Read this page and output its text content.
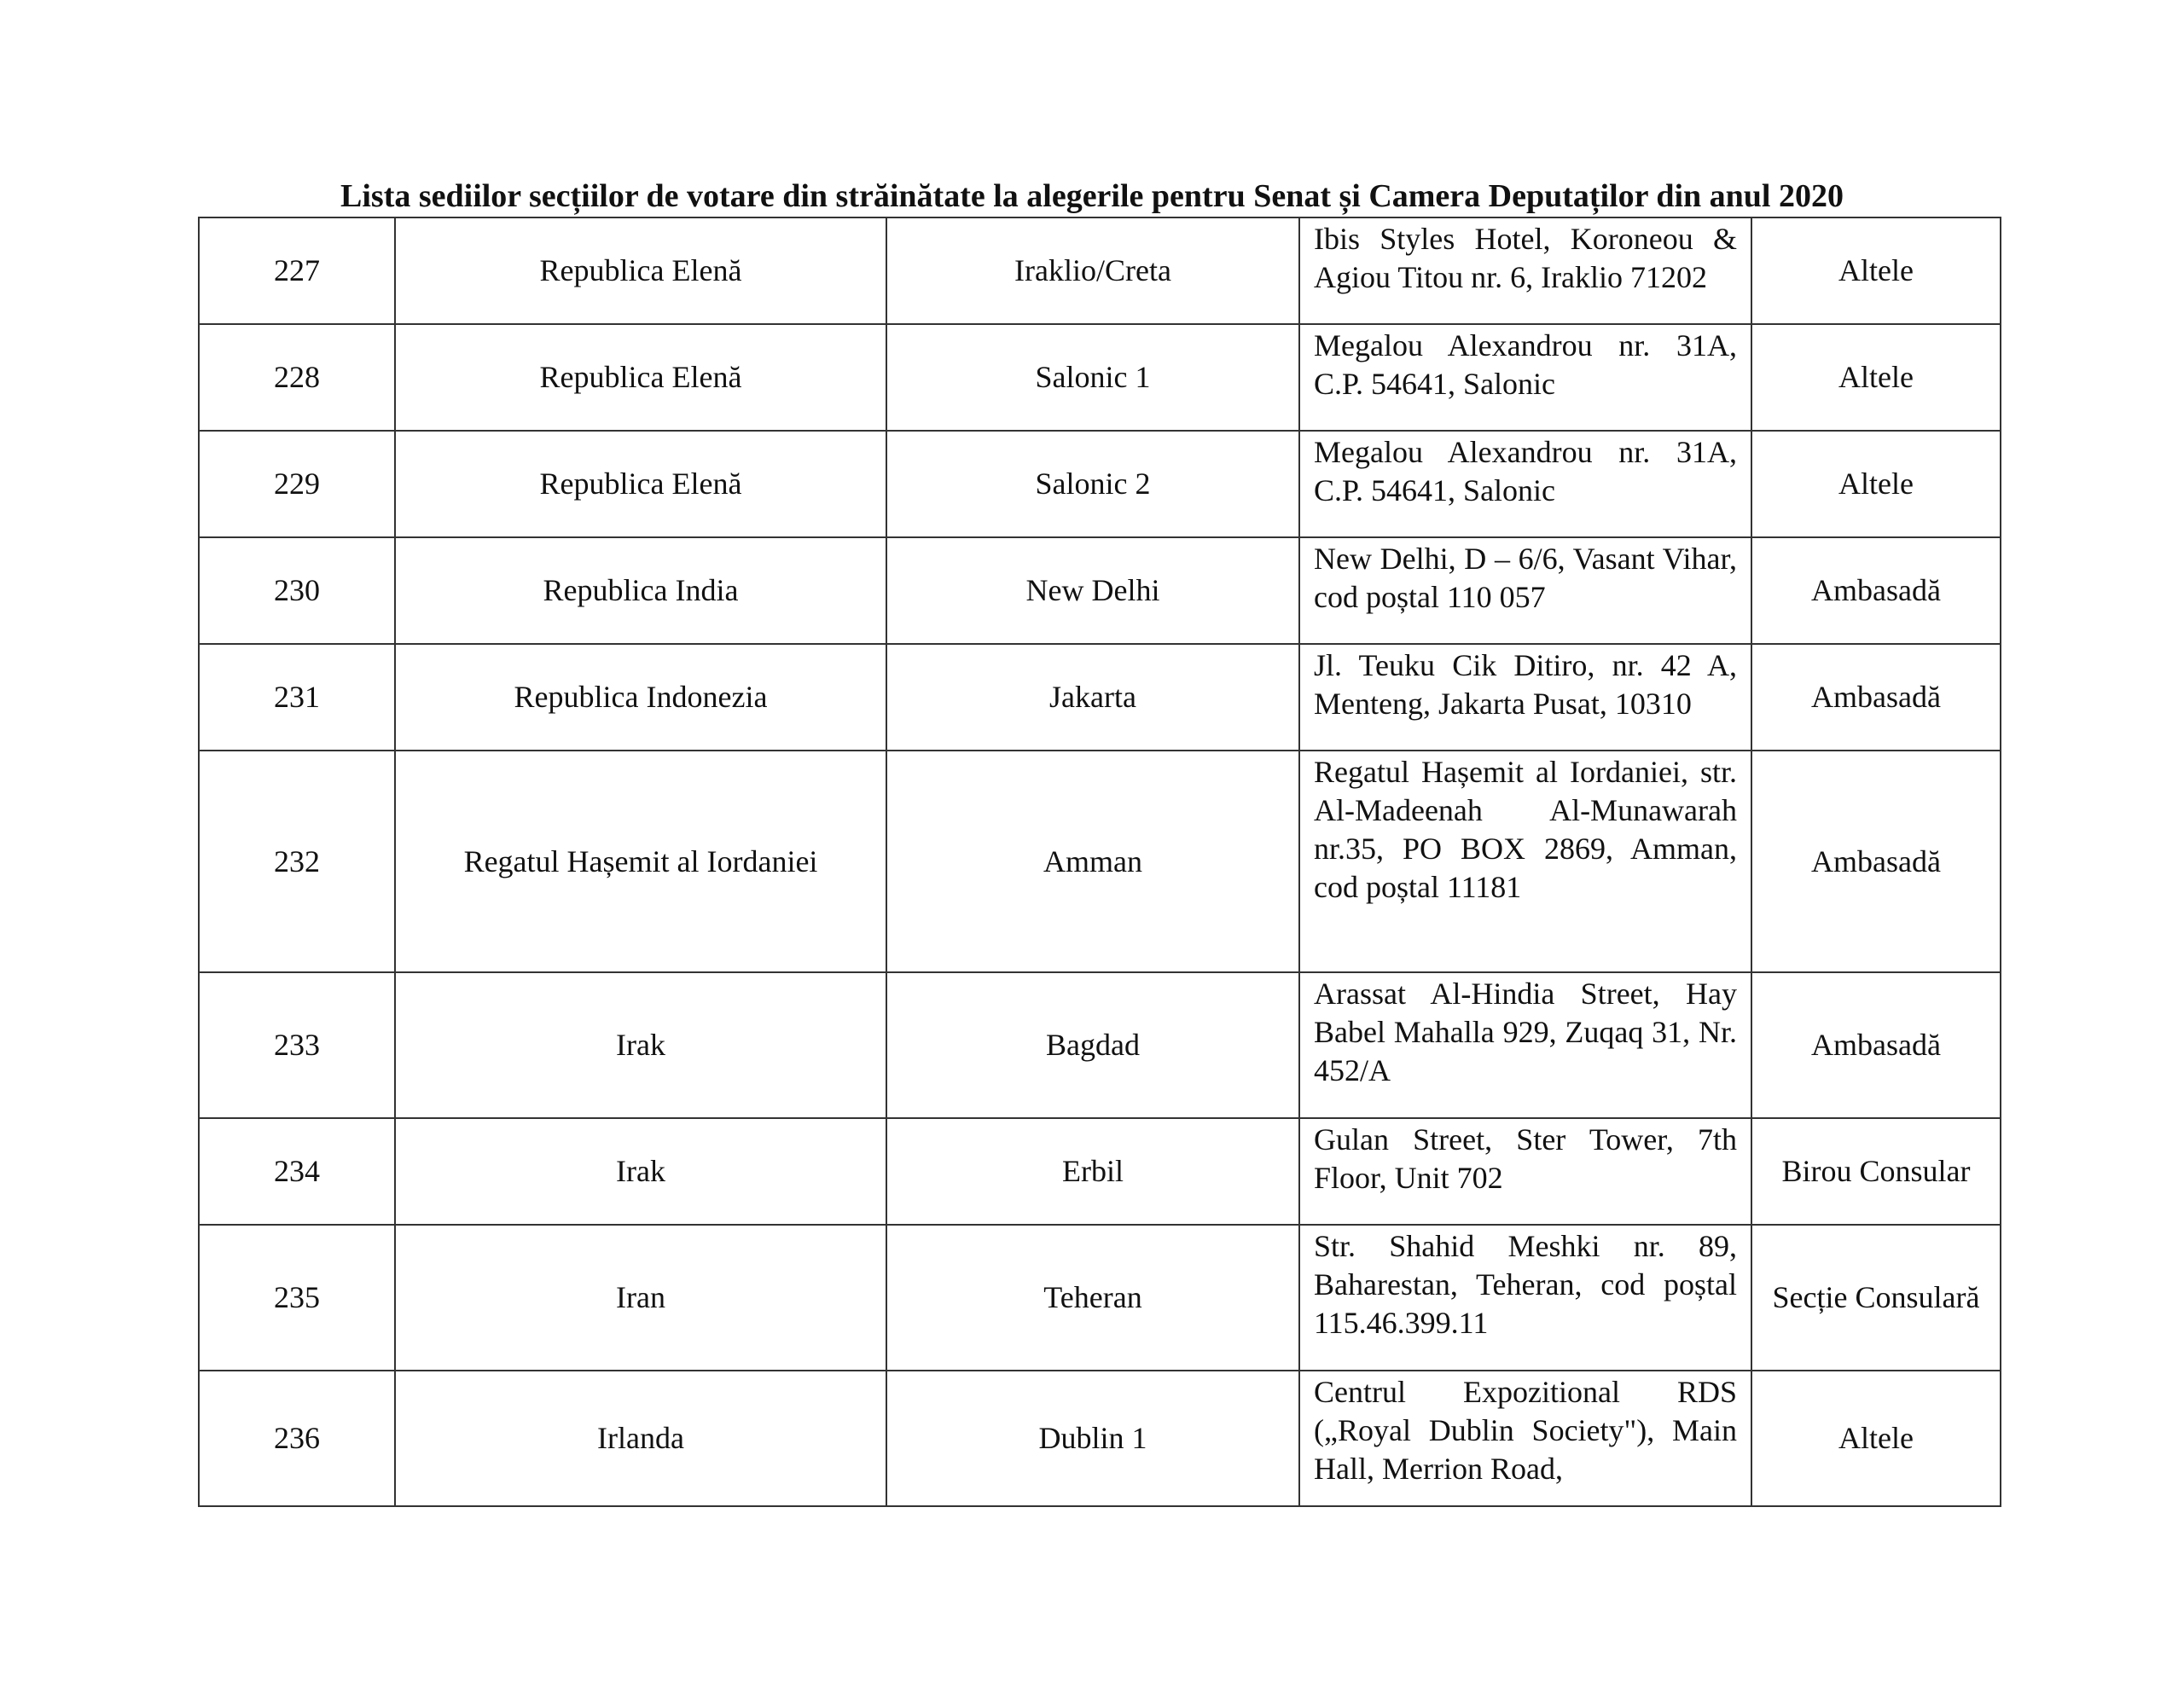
Lista sediilor secțiilor de votare din străinătate la alegerile pentru Senat și Camera Deputaților din anul 2020
227	Republica Elenă	Iraklio/Creta	Ibis Styles Hotel, Koroneou & Agiou Titou nr. 6, Iraklio 71202	Altele
228	Republica Elenă	Salonic 1	Megalou Alexandrou nr. 31A, C.P. 54641, Salonic	Altele
229	Republica Elenă	Salonic 2	Megalou Alexandrou nr. 31A, C.P. 54641, Salonic	Altele
230	Republica India	New Delhi	New Delhi, D – 6/6, Vasant Vihar, cod poștal 110 057	Ambasadă
231	Republica Indonezia	Jakarta	Jl. Teuku Cik Ditiro, nr. 42 A, Menteng, Jakarta Pusat, 10310	Ambasadă
232	Regatul Hașemit al Iordaniei	Amman	Regatul Hașemit al Iordaniei, str. Al-Madeenah Al-Munawarah nr.35, PO BOX 2869, Amman, cod poștal 11181	Ambasadă
233	Irak	Bagdad	Arassat Al-Hindia Street, Hay Babel Mahalla 929, Zuqaq 31, Nr. 452/A	Ambasadă
234	Irak	Erbil	Gulan Street, Ster Tower, 7th Floor, Unit 702	Birou Consular
235	Iran	Teheran	Str. Shahid Meshki nr. 89, Baharestan, Teheran, cod poștal 115.46.399.11	Secție Consulară
236	Irlanda	Dublin 1	Centrul Expozitional RDS („Royal Dublin Society"), Main Hall, Merrion Road,	Altele
